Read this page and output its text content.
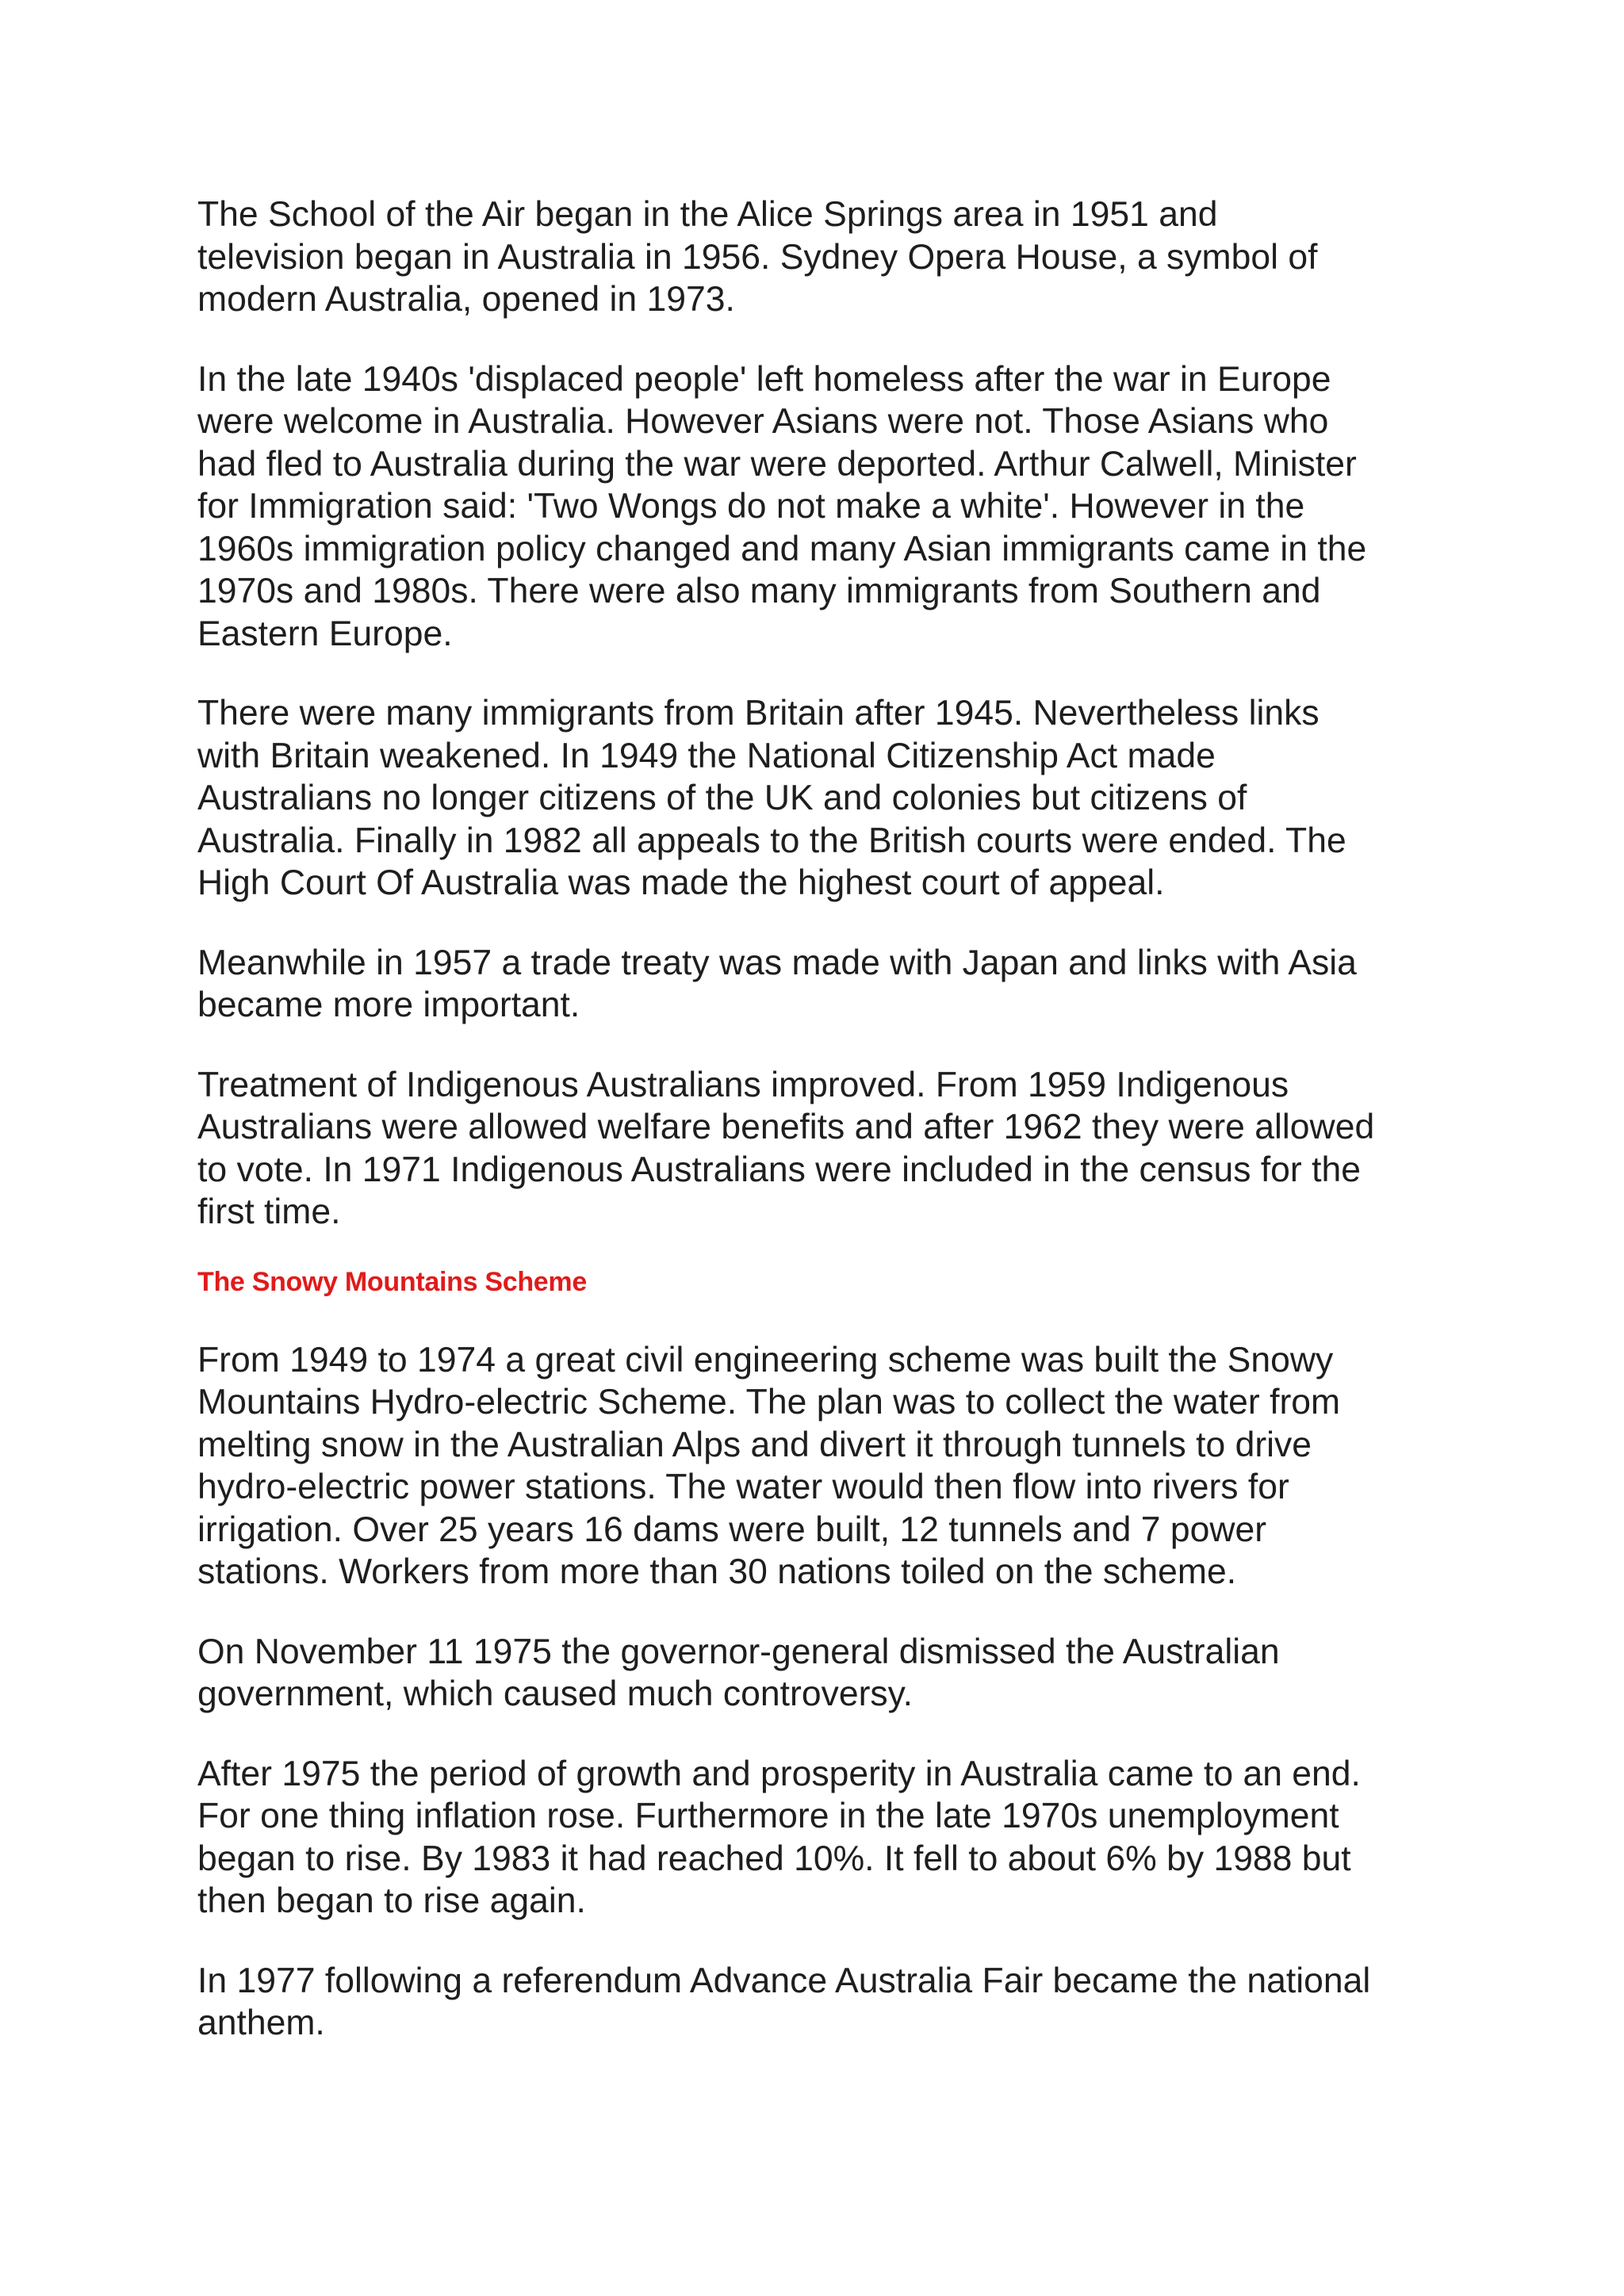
The School of the Air began in the Alice Springs area in 1951 and
television began in Australia in 1956. Sydney Opera House, a symbol of
modern Australia, opened in 1973.
In the late 1940s 'displaced people' left homeless after the war in Europe
were welcome in Australia. However Asians were not. Those Asians who
had fled to Australia during the war were deported. Arthur Calwell, Minister
for Immigration said: 'Two Wongs do not make a white'. However in the
1960s immigration policy changed and many Asian immigrants came in the
1970s and 1980s. There were also many immigrants from Southern and
Eastern Europe.
There were many immigrants from Britain after 1945. Nevertheless links
with Britain weakened. In 1949 the National Citizenship Act made
Australians no longer citizens of the UK and colonies but citizens of
Australia. Finally in 1982 all appeals to the British courts were ended. The
High Court Of Australia was made the highest court of appeal.
Meanwhile in 1957 a trade treaty was made with Japan and links with Asia
became more important.
Treatment of Indigenous Australians improved. From 1959 Indigenous
Australians were allowed welfare benefits and after 1962 they were allowed
to vote. In 1971 Indigenous Australians were included in the census for the
first time.
The Snowy Mountains Scheme
From 1949 to 1974 a great civil engineering scheme was built the Snowy
Mountains Hydro-electric Scheme. The plan was to collect the water from
melting snow in the Australian Alps and divert it through tunnels to drive
hydro-electric power stations. The water would then flow into rivers for
irrigation. Over 25 years 16 dams were built, 12 tunnels and 7 power
stations. Workers from more than 30 nations toiled on the scheme.
On November 11 1975 the governor-general dismissed the Australian
government, which caused much controversy.
After 1975 the period of growth and prosperity in Australia came to an end.
For one thing inflation rose. Furthermore in the late 1970s unemployment
began to rise. By 1983 it had reached 10%. It fell to about 6% by 1988 but
then began to rise again.
In 1977 following a referendum Advance Australia Fair became the national
anthem.
